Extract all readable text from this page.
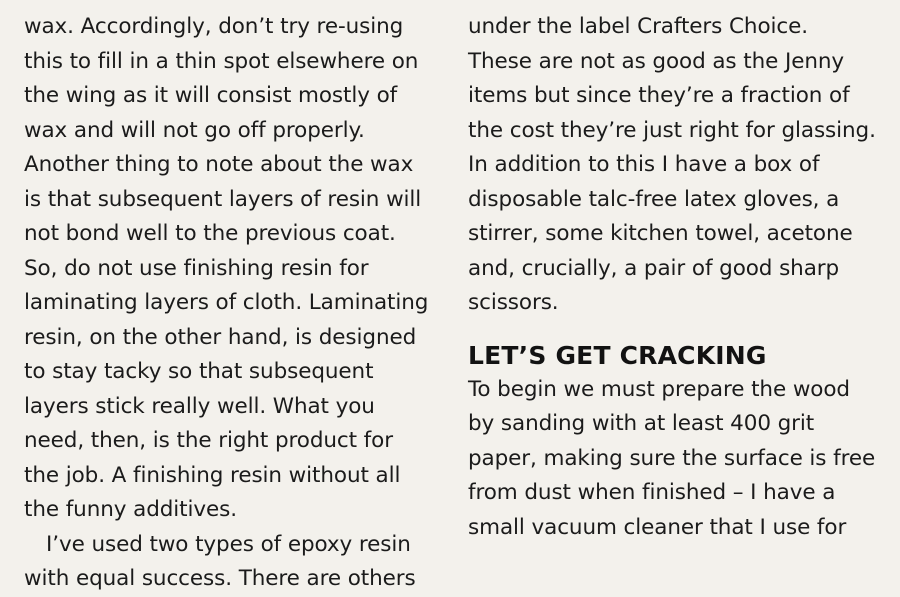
wax. Accordingly, don’t try re-using this to fill in a thin spot elsewhere on the wing as it will consist mostly of wax and will not go off properly. Another thing to note about the wax is that subsequent layers of resin will not bond well to the previous coat. So, do not use finishing resin for laminating layers of cloth. Laminating resin, on the other hand, is designed to stay tacky so that subsequent layers stick really well. What you need, then, is the right product for the job. A finishing resin without all the funny additives.

I’ve used two types of epoxy resin with equal success. There are others

under the label Crafters Choice. These are not as good as the Jenny items but since they’re a fraction of the cost they’re just right for glassing. In addition to this I have a box of disposable talc-free latex gloves, a stirrer, some kitchen towel, acetone and, crucially, a pair of good sharp scissors.

LET’S GET CRACKING

To begin we must prepare the wood by sanding with at least 400 grit paper, making sure the surface is free from dust when finished – I have a small vacuum cleaner that I use for
